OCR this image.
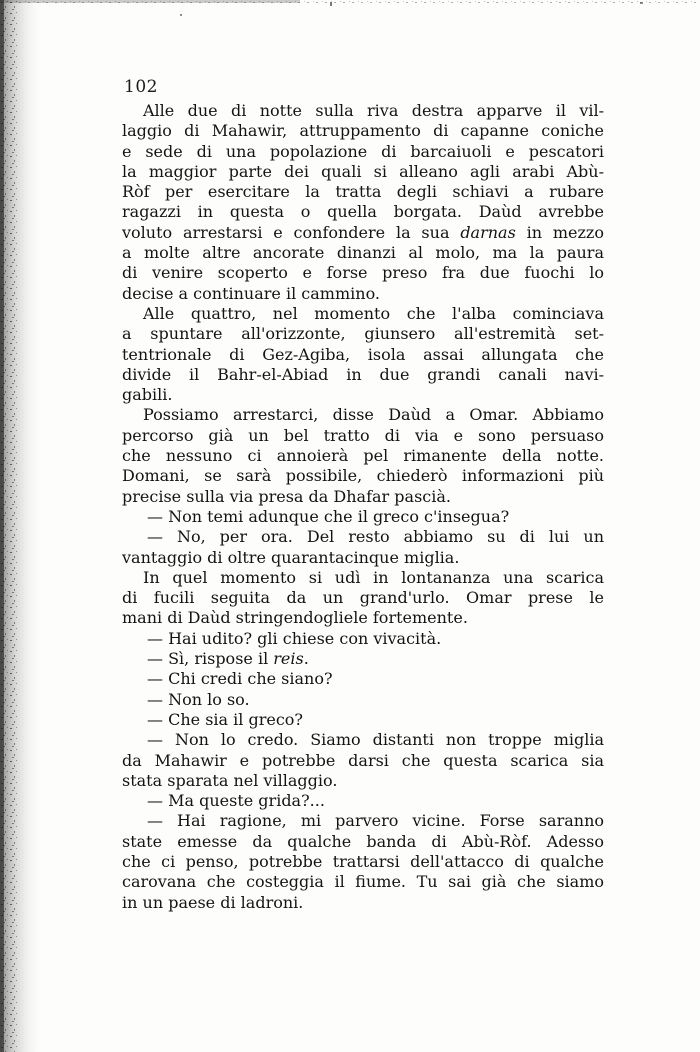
102
Alle due di notte sulla riva destra apparve il vil-
laggio di Mahawir, attruppamento di capanne coniche
e sede di una popolazione di barcaiuoli e pescatori
la maggior parte dei quali si alleano agli arabi Abù-
Ròf per esercitare la tratta degli schiavi a rubare
ragazzi in questa o quella borgata. Daùd avrebbe
voluto arrestarsi e confondere la sua darnas in mezzo
a molte altre ancorate dinanzi al molo, ma la paura
di venire scoperto e forse preso fra due fuochi lo
decise a continuare il cammino.
Alle quattro, nel momento che l'alba cominciava
a spuntare all'orizzonte, giunsero all'estremità set-
tentrionale di Gez-Agiba, isola assai allungata che
divide il Bahr-el-Abiad in due grandi canali navi-
gabili.
Possiamo arrestarci, disse Daùd a Omar. Abbiamo
percorso già un bel tratto di via e sono persuaso
che nessuno ci annoierà pel rimanente della notte.
Domani, se sarà possibile, chiederò informazioni più
precise sulla via presa da Dhafar pascià.
— Non temi adunque che il greco c'insegua?
— No, per ora. Del resto abbiamo su di lui un
vantaggio di oltre quarantacinque miglia.
In quel momento si udì in lontananza una scarica
di fucili seguita da un grand'urlo. Omar prese le
mani di Daùd stringendogliele fortemente.
— Hai udito? gli chiese con vivacità.
— Sì, rispose il reis.
— Chi credi che siano?
— Non lo so.
— Che sia il greco?
— Non lo credo. Siamo distanti non troppe miglia
da Mahawir e potrebbe darsi che questa scarica sia
stata sparata nel villaggio.
— Ma queste grida?...
— Hai ragione, mi parvero vicine. Forse saranno
state emesse da qualche banda di Abù-Ròf. Adesso
che ci penso, potrebbe trattarsi dell'attacco di qualche
carovana che costeggia il fiume. Tu sai già che siamo
in un paese di ladroni.
